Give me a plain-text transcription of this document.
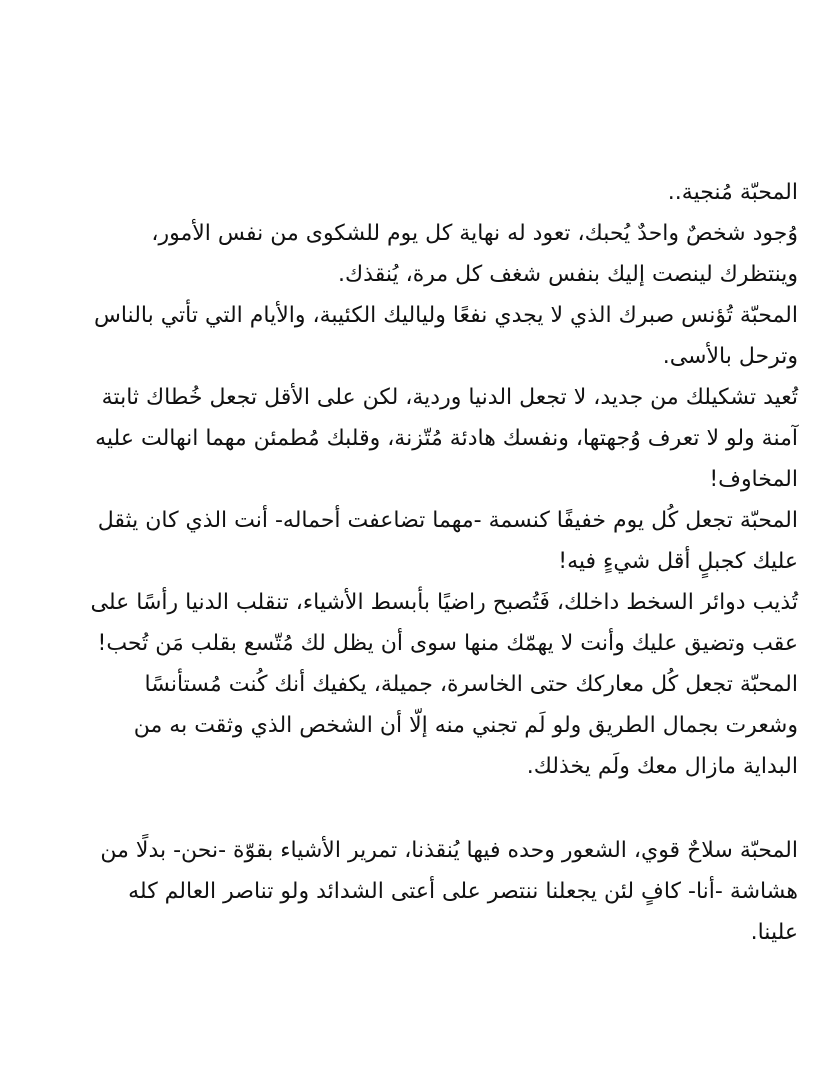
المحبّة مُنجية..

وُجود شخصٌ واحدٌ يُحبك، تعود له نهاية كل يوم للشكوى من نفس الأمور، وينتظرك لينصت إليك بنفس شغف كل مرة، يُنقذك.

المحبّة تُؤنس صبرك الذي لا يجدي نفعًا ولياليك الكئيبة، والأيام التي تأتي بالناس وترحل بالأسى.

تُعيد تشكيلك من جديد، لا تجعل الدنيا وردية، لكن على الأقل تجعل خُطاك ثابتة آمنة ولو لا تعرف وُجهتها، ونفسك هادئة مُتّزنة، وقلبك مُطمئن مهما انهالت عليه المخاوف!

المحبّة تجعل كُل يوم خفيفًا كنسمة -مهما تضاعفت أحماله- أنت الذي كان يثقل عليك كجبلٍ أقل شيءٍ فيه!

تُذيب دوائر السخط داخلك، فَتُصبح راضيًا بأبسط الأشياء، تنقلب الدنيا رأسًا على عقب وتضيق عليك وأنت لا يهمّك منها سوى أن يظل لك مُتّسع بقلب مَن تُحب!

المحبّة تجعل كُل معاركك حتى الخاسرة، جميلة، يكفيك أنك كُنت مُستأنسًا وشعرت بجمال الطريق ولو لَم تجني منه إلّا أن الشخص الذي وثقت به من البداية مازال معك ولَم يخذلك.

المحبّة سلاحٌ قوي، الشعور وحده فيها يُنقذنا، تمرير الأشياء بقوّة -نحن- بدلًا من هشاشة -أنا- كافٍ لئن يجعلنا ننتصر على أعتى الشدائد ولو تناصر العالم كله علينا.
